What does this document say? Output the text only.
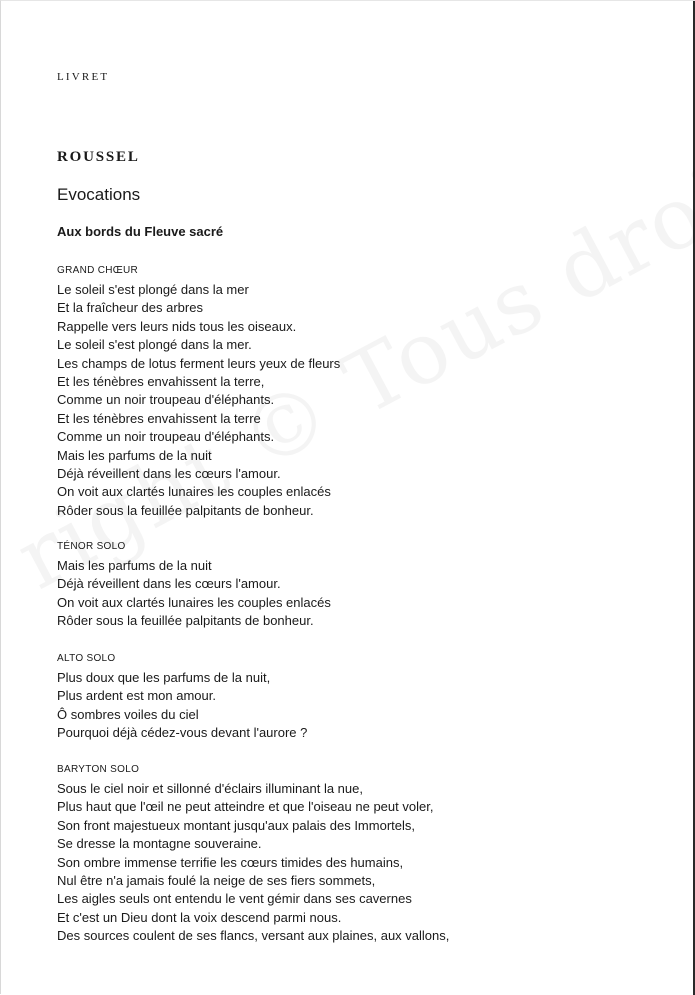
LIVRET
ROUSSEL
Evocations
Aux bords du Fleuve sacré
GRAND CHŒUR
Le soleil s'est plongé dans la mer
Et la fraîcheur des arbres
Rappelle vers leurs nids tous les oiseaux.
Le soleil s'est plongé dans la mer.
Les champs de lotus ferment leurs yeux de fleurs
Et les ténèbres envahissent la terre,
Comme un noir troupeau d'éléphants.
Et les ténèbres envahissent la terre
Comme un noir troupeau d'éléphants.
Mais les parfums de la nuit
Déjà réveillent dans les cœurs l'amour.
On voit aux clartés lunaires les couples enlacés
Rôder sous la feuillée palpitants de bonheur.
TÉNOR SOLO
Mais les parfums de la nuit
Déjà réveillent dans les cœurs l'amour.
On voit aux clartés lunaires les couples enlacés
Rôder sous la feuillée palpitants de bonheur.
ALTO SOLO
Plus doux que les parfums de la nuit,
Plus ardent est mon amour.
Ô sombres voiles du ciel
Pourquoi déjà cédez-vous devant l'aurore ?
BARYTON SOLO
Sous le ciel noir et sillonné d'éclairs illuminant la nue,
Plus haut que l'œil ne peut atteindre et que l'oiseau ne peut voler,
Son front majestueux montant jusqu'aux palais des Immortels,
Se dresse la montagne souveraine.
Son ombre immense terrifie les cœurs timides des humains,
Nul être n'a jamais foulé la neige de ses fiers sommets,
Les aigles seuls ont entendu le vent gémir dans ses cavernes
Et c'est un Dieu dont la voix descend parmi nous.
Des sources coulent de ses flancs, versant aux plaines, aux vallons,
